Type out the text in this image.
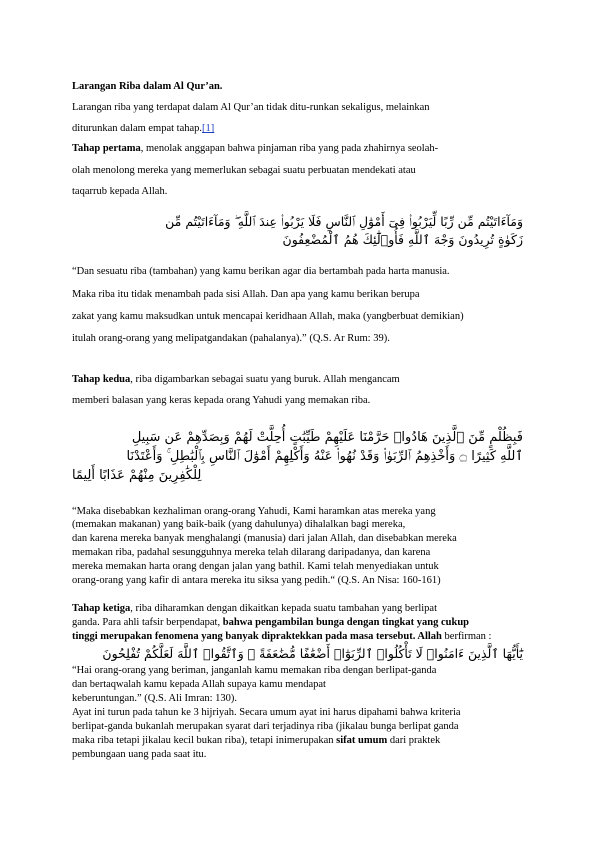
Larangan Riba dalam Al Qur’an.
Larangan riba yang terdapat dalam Al Qur’an tidak ditu-runkan sekaligus, melainkan
diturunkan dalam empat tahap.[1]
Tahap pertama, menolak anggapan bahwa pinjaman riba yang pada zhahirnya seolah-
olah menolong mereka yang memerlukan sebagai suatu perbuatan mendekati atau
taqarrub kepada Allah.
وَمَآءَاتَيْتُم مِّن رِّبًا لِّيَرْبُوا۟ فِىٓ أَمْوَٰلِ ٱلنَّاسِ فَلَا يَرْبُوا۟ عِندَ ٱللَّهِ ۖ وَمَآءَاتَيْتُم مِّن
زَكَوٰةٍ تُرِيدُونَ وَجْهَ ٱللَّهِ فَأُو۟لَٰٓئِكَ هُمُ ٱلْمُضْعِفُونَ
“Dan sesuatu riba (tambahan) yang kamu berikan agar dia bertambah pada harta manusia.
Maka riba itu tidak menambah pada sisi Allah. Dan apa yang kamu berikan berupa
zakat yang kamu maksudkan untuk mencapai keridhaan Allah, maka (yangberbuat demikian)
itulah orang-orang yang melipatgandakan (pahalanya).” (Q.S. Ar Rum: 39).
Tahap kedua, riba digambarkan sebagai suatu yang buruk. Allah mengancam
memberi balasan yang keras kepada orang Yahudi yang memakan riba.
فَبِظُلْمٍ مِّنَ ٱلَّذِينَ هَادُوا۟ حَرَّمْنَا عَلَيْهِمْ طَيِّبَٰتٍ أُحِلَّتْ لَهُمْ وَبِصَدِّهِمْ عَن سَبِيلِ
ٱللَّهِ كَثِيرًا ۝ وَأَخْذِهِمُ ٱلرِّبَوٰا۟ وَقَدْ نُهُوا۟ عَنْهُ وَأَكْلِهِمْ أَمْوَٰلَ ٱلنَّاسِ بِٱلْبَٰطِلِ ۚ وَأَعْتَدْنَا
لِلْكَٰفِرِينَ مِنْهُمْ عَذَابًا أَلِيمًا
“Maka disebabkan kezhaliman orang-orang Yahudi, Kami haramkan atas mereka yang
(memakan makanan) yang baik-baik (yang dahulunya) dihalalkan bagi mereka,
dan karena mereka banyak menghalangi (manusia) dari jalan Allah, dan disebabkan mereka
memakan riba, padahal sesungguhnya mereka telah dilarang daripadanya, dan karena
mereka memakan harta orang dengan jalan yang bathil. Kami telah menyediakan untuk
orang-orang yang kafir di antara mereka itu siksa yang pedih.“ (Q.S. An Nisa: 160-161)
Tahap ketiga, riba diharamkan dengan dikaitkan kepada suatu tambahan yang berlipat
ganda. Para ahli tafsir berpendapat, bahwa pengambilan bunga dengan tingkat yang cukup
tinggi merupakan fenomena yang banyak dipraktekkan pada masa tersebut. Allah berfirman :
يَٰٓأَيُّهَا ٱلَّذِينَ ءَامَنُوا۟ لَا تَأْكُلُوا۟ ٱلرِّبَوٰٓا۟ أَضْعَٰفًا مُّضَٰعَفَةً ۖ وَٱتَّقُوا۟ ٱللَّهَ لَعَلَّكُمْ تُفْلِحُونَ
“Hai orang-orang yang beriman, janganlah kamu memakan riba dengan berlipat-ganda
dan bertaqwalah kamu kepada Allah supaya kamu mendapat
keberuntungan.” (Q.S. Ali Imran: 130).
Ayat ini turun pada tahun ke 3 hijriyah. Secara umum ayat ini harus dipahami bahwa kriteria
berlipat-ganda bukanlah merupakan syarat dari terjadinya riba (jikalau bunga berlipat ganda
maka riba tetapi jikalau kecil bukan riba), tetapi inimerupakan sifat umum dari praktek
pembungaan uang pada saat itu.
